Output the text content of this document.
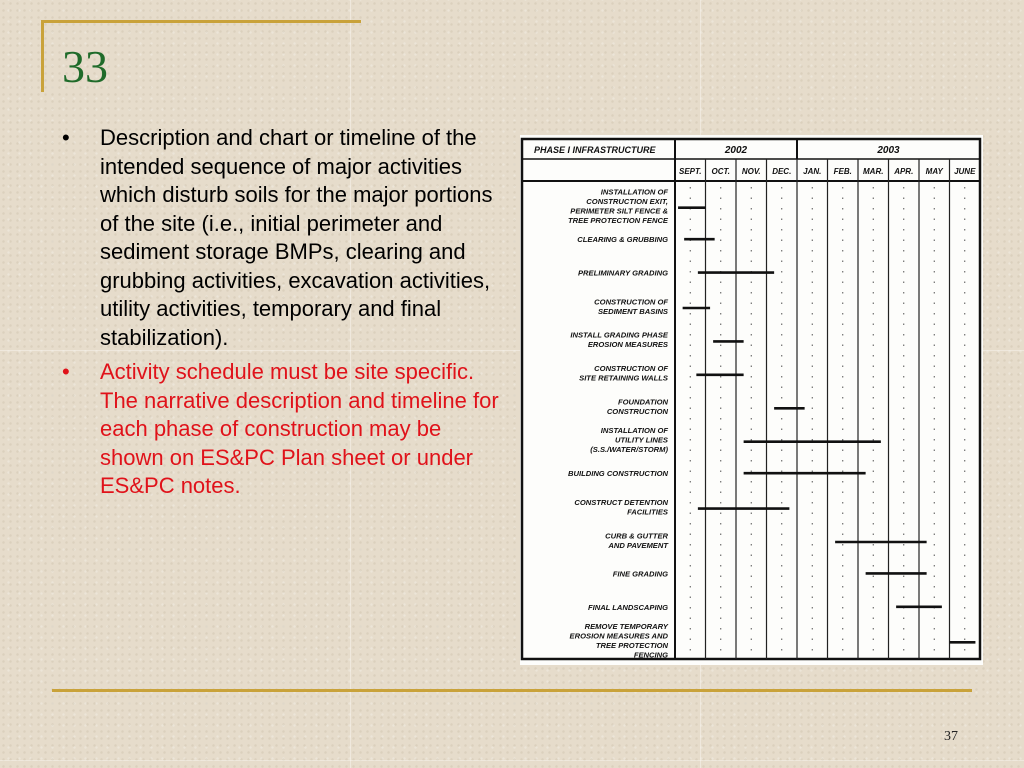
33
• Description and chart or timeline of the intended sequence of major activities which disturb soils for the major portions of the site (i.e., initial perimeter and sediment storage BMPs, clearing and grubbing activities, excavation activities, utility activities, temporary and final stabilization).
• Activity schedule must be site specific. The narrative description and timeline for each phase of construction may be shown on ES&PC Plan sheet or under ES&PC notes.
PHASE I INFRASTRUCTURE	2002	2003
SEPT. OCT. NOV. DEC. JAN. FEB. MAR. APR. MAY JUNE
INSTALLATION OF
CONSTRUCTION EXIT,
PERIMETER SILT FENCE &
TREE PROTECTION FENCE
CLEARING & GRUBBING
PRELIMINARY GRADING
CONSTRUCTION OF
SEDIMENT BASINS
INSTALL GRADING PHASE
EROSION MEASURES
CONSTRUCTION OF
SITE RETAINING WALLS
FOUNDATION
CONSTRUCTION
INSTALLATION OF
UTILITY LINES
(S.S./WATER/STORM)
BUILDING CONSTRUCTION
CONSTRUCT DETENTION
FACILITIES
CURB & GUTTER
AND PAVEMENT
FINE GRADING
FINAL LANDSCAPING
REMOVE TEMPORARY
EROSION MEASURES AND
TREE PROTECTION
FENCING
37
